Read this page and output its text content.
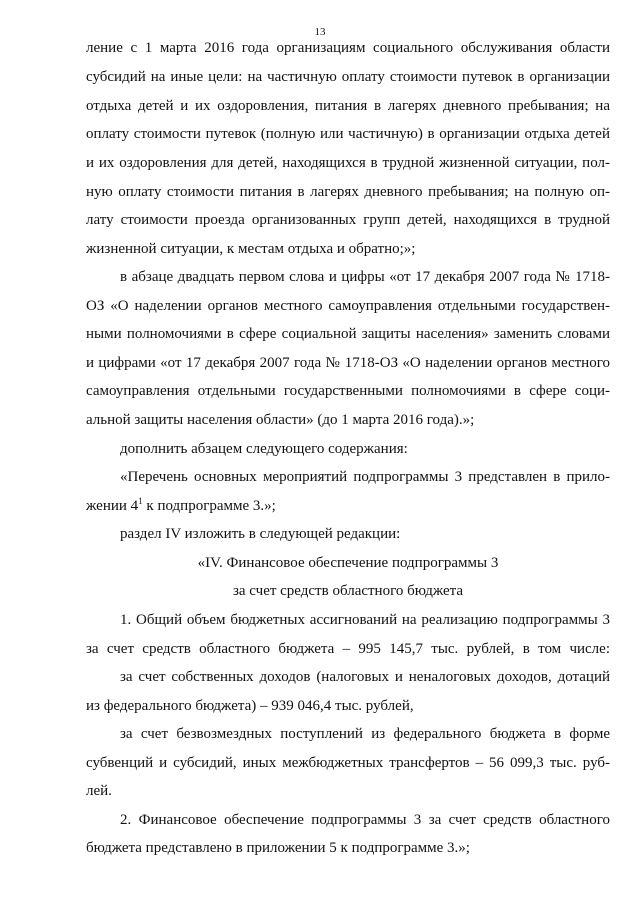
13
ление с 1 марта 2016 года организациям социального обслуживания области
субсидий на иные цели: на частичную оплату стоимости путевок в организации
отдыха детей и их оздоровления, питания в лагерях дневного пребывания; на
оплату стоимости путевок (полную или частичную) в организации отдыха детей
и их оздоровления для детей, находящихся в трудной жизненной ситуации, пол-
ную оплату стоимости питания в лагерях дневного пребывания; на полную оп-
лату стоимости проезда организованных групп детей, находящихся в трудной
жизненной ситуации, к местам отдыха и обратно;»;
в абзаце двадцать первом слова и цифры «от 17 декабря 2007 года № 1718-
ОЗ «О наделении органов местного самоуправления отдельными государствен-
ными полномочиями в сфере социальной защиты населения» заменить словами
и цифрами «от 17 декабря 2007 года № 1718-ОЗ «О наделении органов местного
самоуправления отдельными государственными полномочиями в сфере соци-
альной защиты населения области» (до 1 марта 2016 года).»;
дополнить абзацем следующего содержания:
«Перечень основных мероприятий подпрограммы 3 представлен в прило-
жении $4^1$ к подпрограмме 3.»;
раздел IV изложить в следующей редакции:
«IV. Финансовое обеспечение подпрограммы 3
за счет средств областного бюджета
1. Общий объем бюджетных ассигнований на реализацию подпрограммы 3
за счет средств областного бюджета – 995 145,7 тыс. рублей, в том числе:
за счет собственных доходов (налоговых и неналоговых доходов, дотаций
из федерального бюджета) – 939 046,4 тыс. рублей,
за счет безвозмездных поступлений из федерального бюджета в форме
субвенций и субсидий, иных межбюджетных трансфертов – 56 099,3 тыс. руб-
лей.
2. Финансовое обеспечение подпрограммы 3 за счет средств областного
бюджета представлено в приложении 5 к подпрограмме 3.»;
